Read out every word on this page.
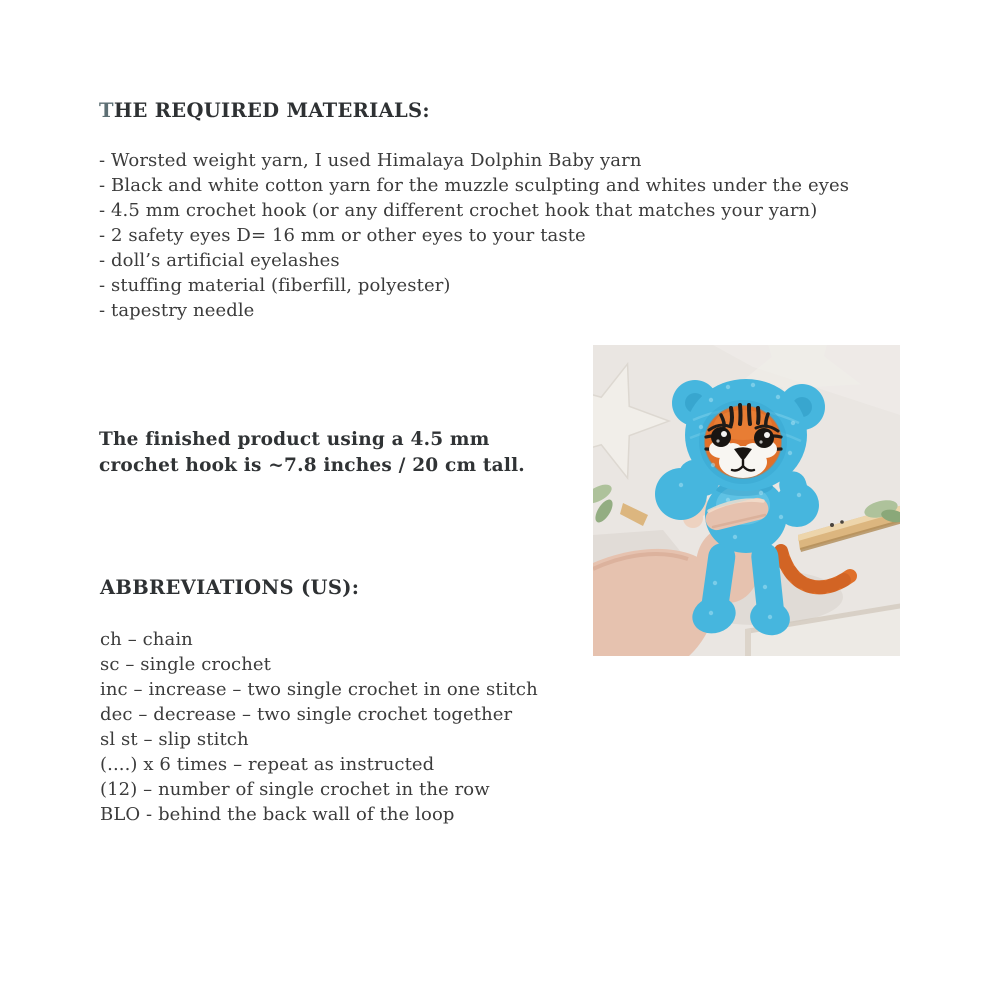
THE REQUIRED MATERIALS:

- Worsted weight yarn, I used Himalaya Dolphin Baby yarn

- Black and white cotton yarn for the muzzle sculpting and whites under the eyes

- 4.5 mm crochet hook (or any different crochet hook that matches your yarn)

- 2 safety eyes D= 16 mm or other eyes to your taste

- doll’s artificial eyelashes

- stuffing material (fiberfill, polyester)

- tapestry needle

The finished product using a 4.5 mm

crochet hook is ~7.8 inches / 20 cm tall.

ABBREVIATIONS (US):

ch – chain

sc – single crochet

inc – increase – two single crochet in one stitch

dec – decrease – two single crochet together

sl st – slip stitch

(....) x 6 times – repeat as instructed

(12) – number of single crochet in the row

BLO - behind the back wall of the loop
